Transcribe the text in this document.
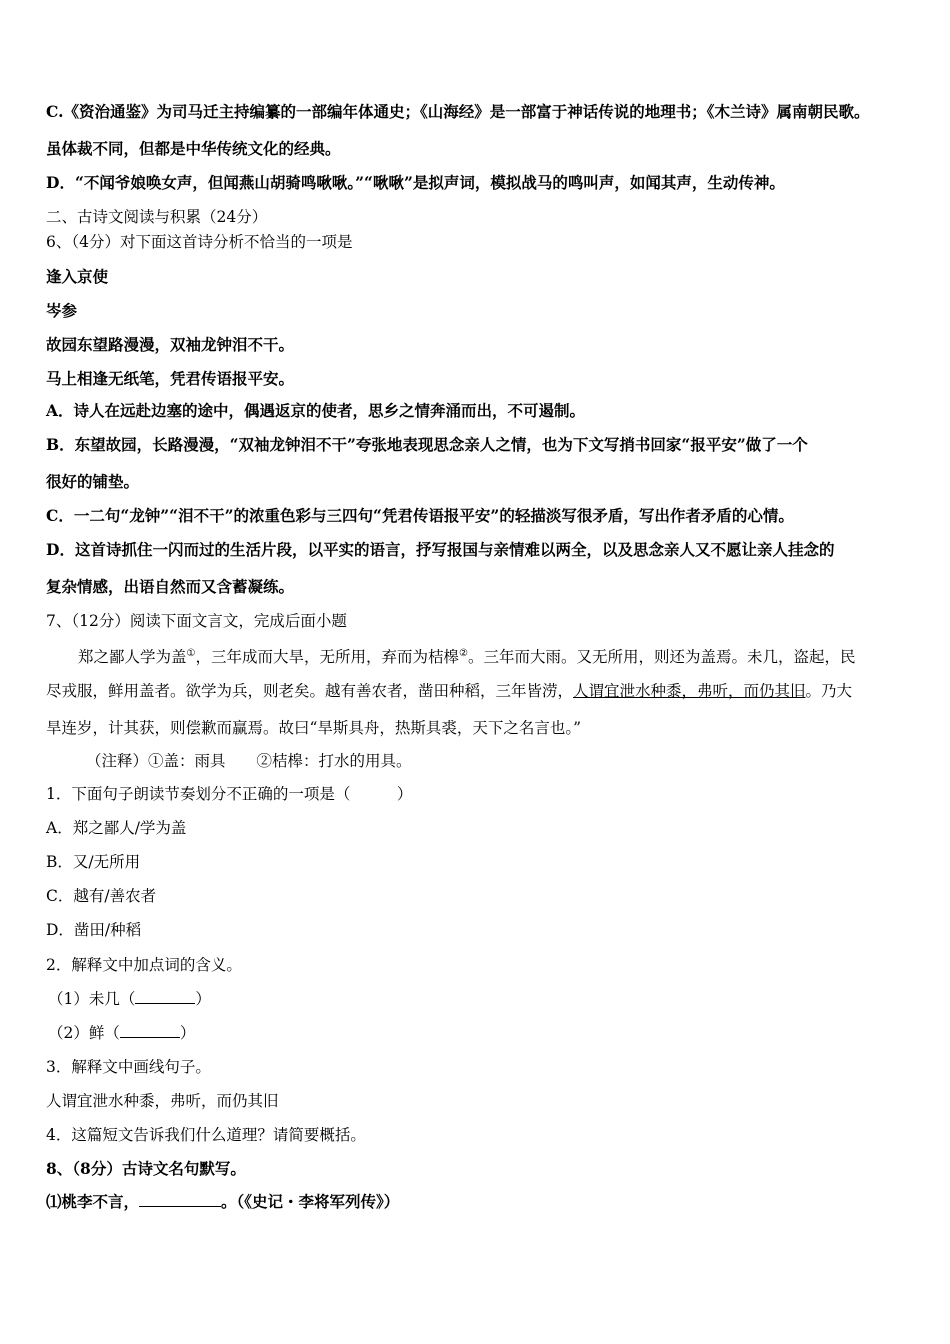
C.《资治通鉴》为司马迁主持编纂的一部编年体通史；《山海经》是一部富于神话传说的地理书；《木兰诗》属南朝民歌。
虽体裁不同，但都是中华传统文化的经典。
D．“不闻爷娘唤女声，但闻燕山胡骑鸣啾啾。”“啾啾”是拟声词，模拟战马的鸣叫声，如闻其声，生动传神。
二、古诗文阅读与积累（24分）
6、（4分）对下面这首诗分析不恰当的一项是
逢入京使
岑参
故园东望路漫漫，双袖龙钟泪不干。
马上相逢无纸笔，凭君传语报平安。
A．诗人在远赴边塞的途中，偶遇返京的使者，思乡之情奔涌而出，不可遏制。
B．东望故园，长路漫漫，“双袖龙钟泪不干”夸张地表现思念亲人之情，也为下文写捎书回家“报平安”做了一个
很好的铺垫。
C．一二句“龙钟”“泪不干”的浓重色彩与三四句“凭君传语报平安”的轻描淡写很矛盾，写出作者矛盾的心情。
D．这首诗抓住一闪而过的生活片段，以平实的语言，抒写报国与亲情难以两全，以及思念亲人又不愿让亲人挂念的
复杂情感，出语自然而又含蓄凝练。
7、（12分）阅读下面文言文，完成后面小题
郑之鄙人学为盖①，三年成而大旱，无所用，弃而为桔槔②。三年而大雨。又无所用，则还为盖焉。未几，盗起，民
尽戎服，鲜用盖者。欲学为兵，则老矣。越有善农者，凿田种稻，三年皆涝，人谓宜泄水种黍，弗听，而仍其旧。乃大
旱连岁，计其获，则偿歉而赢焉。故曰“旱斯具舟，热斯具裘，天下之名言也。”
（注释）①盖：雨具　　②桔槔：打水的用具。
1．下面句子朗读节奏划分不正确的一项是（　　　）
A．郑之鄙人/学为盖
B．又/无所用
C．越有/善农者
D．凿田/种稻
2．解释文中加点词的含义。
（1）未几（	）
（2）鲜（	）
3．解释文中画线句子。
人谓宜泄水种黍，弗听，而仍其旧
4．这篇短文告诉我们什么道理？请简要概括。
8、（8分）古诗文名句默写。
⑴桃李不言，	。（《史记・李将军列传》）
